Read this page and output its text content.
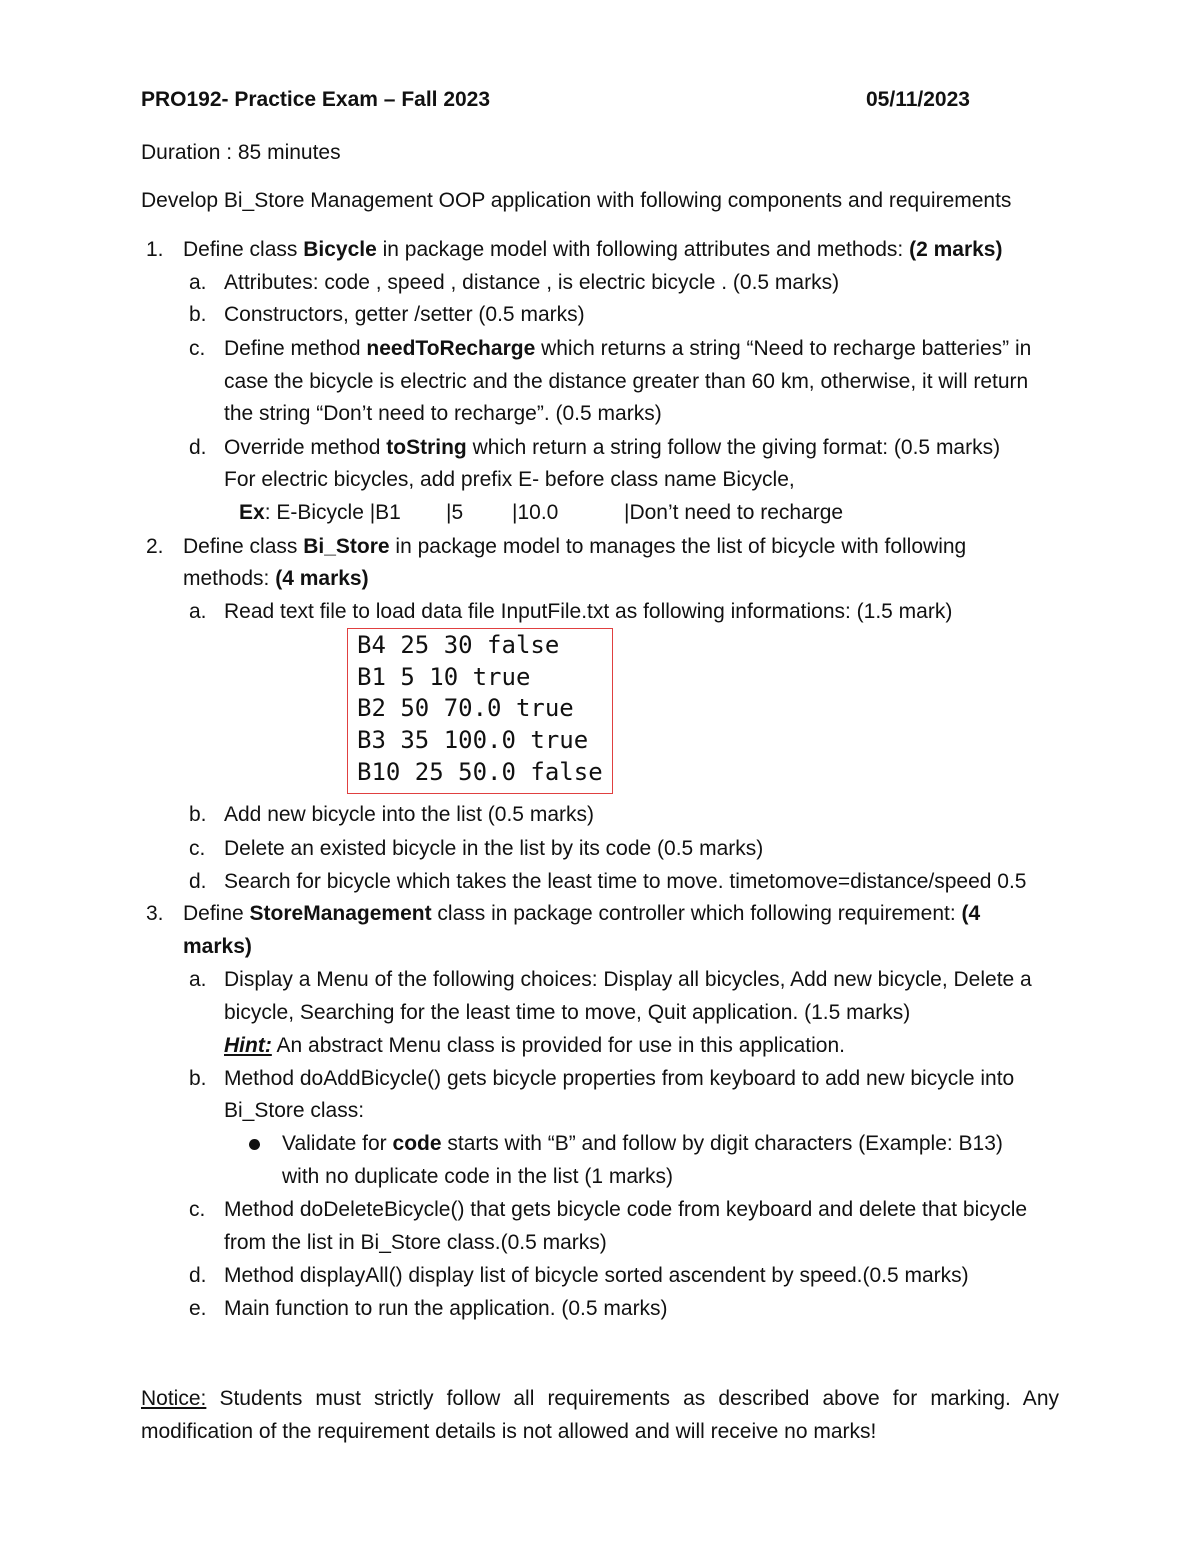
PRO192- Practice Exam – Fall 2023	05/11/2023
Duration : 85 minutes
Develop Bi_Store Management OOP application with following components and requirements
1. Define class Bicycle in package model with following attributes and methods: (2 marks)
a. Attributes: code , speed , distance , is electric bicycle . (0.5 marks)
b. Constructors, getter /setter (0.5 marks)
c. Define method needToRecharge which returns a string “Need to recharge batteries” in
case the bicycle is electric and the distance greater than 60 km, otherwise, it will return
the string “Don’t need to recharge”. (0.5 marks)
d. Override method toString which return a string follow the giving format: (0.5 marks)
For electric bicycles, add prefix E- before class name Bicycle,
Ex: E-Bicycle |B1 |5 |10.0	|Don’t need to recharge
2. Define class Bi_Store in package model to manages the list of bicycle with following
methods: (4 marks)
a. Read text file to load data file InputFile.txt as following informations: (1.5 mark)
B4 25 30 false
B1 5 10 true
B2 50 70.0 true
B3 35 100.0 true
B10 25 50.0 false
b. Add new bicycle into the list (0.5 marks)
c. Delete an existed bicycle in the list by its code (0.5 marks)
d. Search for bicycle which takes the least time to move. timetomove=distance/speed 0.5
3. Define StoreManagement class in package controller which following requirement: (4
marks)
a. Display a Menu of the following choices: Display all bicycles, Add new bicycle, Delete a
bicycle, Searching for the least time to move, Quit application. (1.5 marks)
Hint: An abstract Menu class is provided for use in this application.
b. Method doAddBicycle() gets bicycle properties from keyboard to add new bicycle into
Bi_Store class:
Validate for code starts with “B” and follow by digit characters (Example: B13)
with no duplicate code in the list (1 marks)
c. Method doDeleteBicycle() that gets bicycle code from keyboard and delete that bicycle
from the list in Bi_Store class.(0.5 marks)
d. Method displayAll() display list of bicycle sorted ascendent by speed.(0.5 marks)
e. Main function to run the application. (0.5 marks)
Notice: Students must strictly follow all requirements as described above for marking. Any
modification of the requirement details is not allowed and will receive no marks!
